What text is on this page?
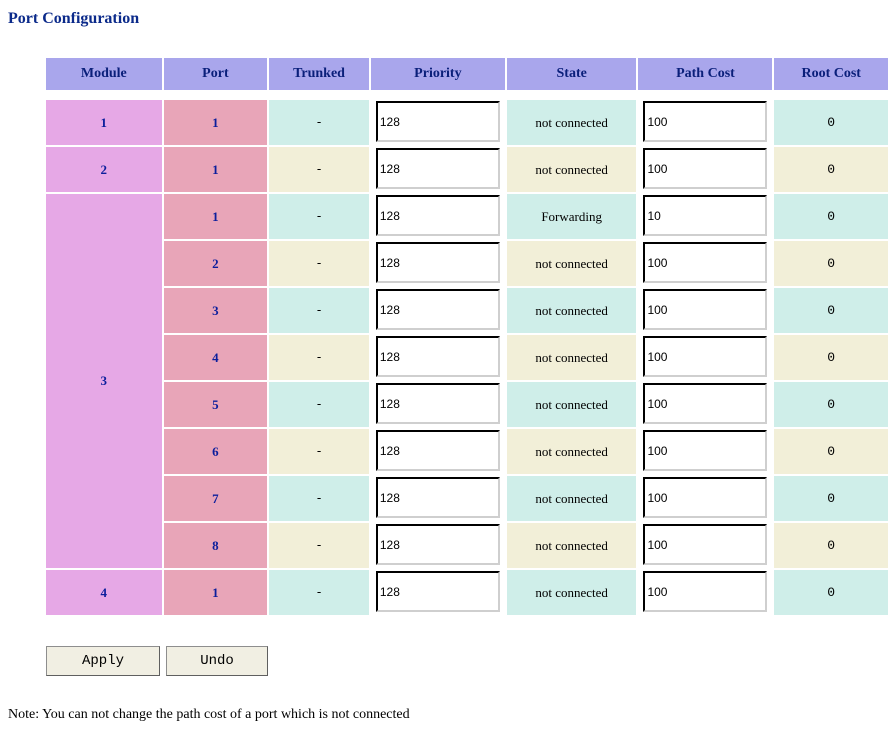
Port Configuration
Module	Port	Trunked	Priority	State	Path Cost	Root Cost

1	1	-	128	not connected	100	0
2	1	-	128	not connected	100	0
3	1	-	128	Forwarding	10	0
	2	-	128	not connected	100	0
	3	-	128	not connected	100	0
	4	-	128	not connected	100	0
	5	-	128	not connected	100	0
	6	-	128	not connected	100	0
	7	-	128	not connected	100	0
	8	-	128	not connected	100	0
4	1	-	128	not connected	100	0
Apply	Undo
Note: You can not change the path cost of a port which is not connected
